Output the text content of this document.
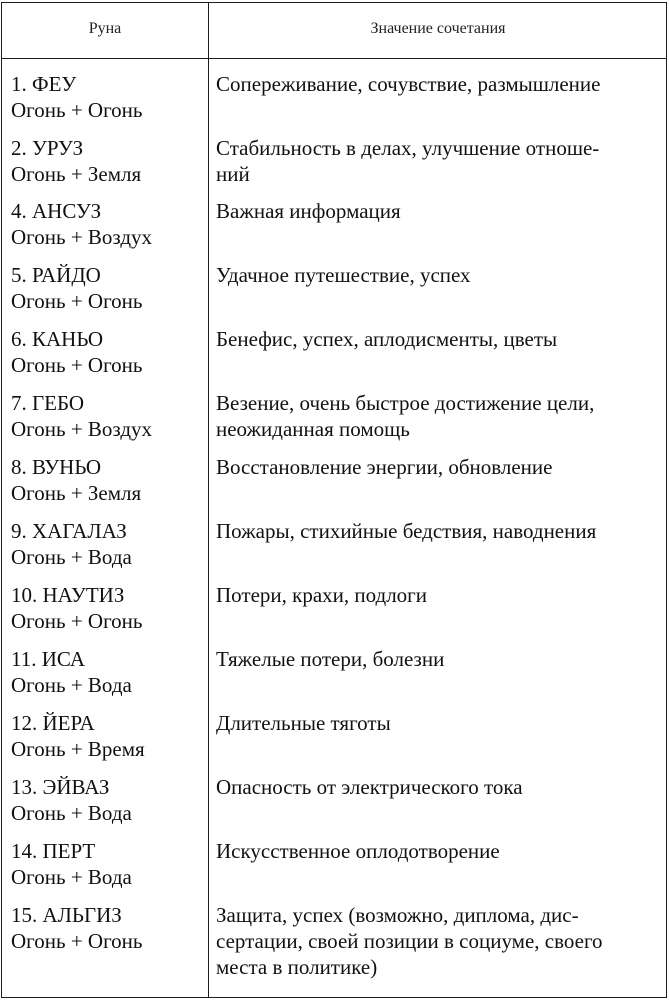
Руна	Значение сочетания
1. ФЕУ
Огонь + Огонь
Сопереживание, сочувствие, размышление
2. УРУЗ
Огонь + Земля
Стабильность в делах, улучшение отноше-
ний
4. АНСУЗ
Огонь + Воздух
Важная информация
5. РАЙДО
Огонь + Огонь
Удачное путешествие, успех
6. КАНЬО
Огонь + Огонь
Бенефис, успех, аплодисменты, цветы
7. ГЕБО
Огонь + Воздух
Везение, очень быстрое достижение цели,
неожиданная помощь
8. ВУНЬО
Огонь + Земля
Восстановление энергии, обновление
9. ХАГАЛАЗ
Огонь + Вода
Пожары, стихийные бедствия, наводнения
10. НАУТИЗ
Огонь + Огонь
Потери, крахи, подлоги
11. ИСА
Огонь + Вода
Тяжелые потери, болезни
12. ЙЕРА
Огонь + Время
Длительные тяготы
13. ЭЙВАЗ
Огонь + Вода
Опасность от электрического тока
14. ПЕРТ
Огонь + Вода
Искусственное оплодотворение
15. АЛЬГИЗ
Огонь + Огонь
Защита, успех (возможно, диплома, дис-
сертации, своей позиции в социуме, своего
места в политике)
